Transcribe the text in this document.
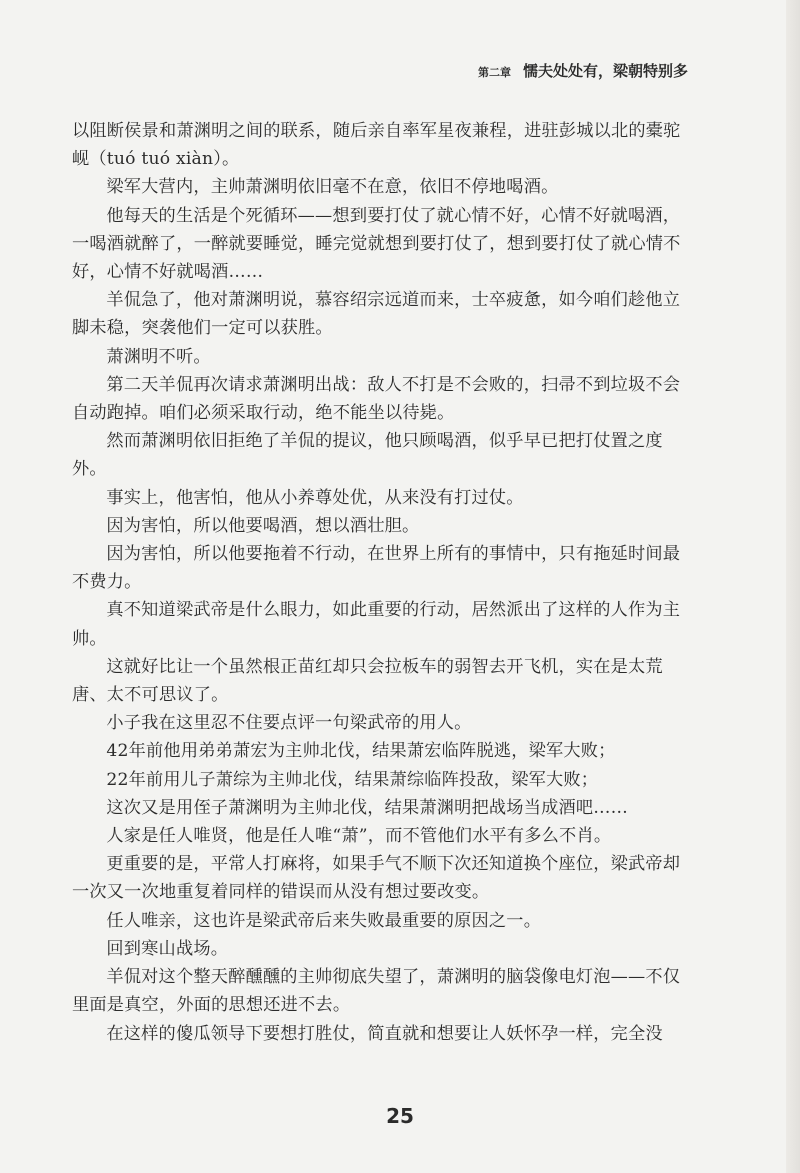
第二章 懦夫处处有，梁朝特别多

以阻断侯景和萧渊明之间的联系，随后亲自率军星夜兼程，进驻彭城以北的橐驼岘（tuó tuó xiàn）。

梁军大营内，主帅萧渊明依旧毫不在意，依旧不停地喝酒。

他每天的生活是个死循环——想到要打仗了就心情不好，心情不好就喝酒，一喝酒就醉了，一醉就要睡觉，睡完觉就想到要打仗了，想到要打仗了就心情不好，心情不好就喝酒……

羊侃急了，他对萧渊明说，慕容绍宗远道而来，士卒疲惫，如今咱们趁他立脚未稳，突袭他们一定可以获胜。

萧渊明不听。

第二天羊侃再次请求萧渊明出战：敌人不打是不会败的，扫帚不到垃圾不会自动跑掉。咱们必须采取行动，绝不能坐以待毙。

然而萧渊明依旧拒绝了羊侃的提议，他只顾喝酒，似乎早已把打仗置之度外。

事实上，他害怕，他从小养尊处优，从来没有打过仗。

因为害怕，所以他要喝酒，想以酒壮胆。

因为害怕，所以他要拖着不行动，在世界上所有的事情中，只有拖延时间最不费力。

真不知道梁武帝是什么眼力，如此重要的行动，居然派出了这样的人作为主帅。

这就好比让一个虽然根正苗红却只会拉板车的弱智去开飞机，实在是太荒唐、太不可思议了。

小子我在这里忍不住要点评一句梁武帝的用人。

42年前他用弟弟萧宏为主帅北伐，结果萧宏临阵脱逃，梁军大败；

22年前用儿子萧综为主帅北伐，结果萧综临阵投敌，梁军大败；

这次又是用侄子萧渊明为主帅北伐，结果萧渊明把战场当成酒吧……

人家是任人唯贤，他是任人唯“萧”，而不管他们水平有多么不肖。

更重要的是，平常人打麻将，如果手气不顺下次还知道换个座位，梁武帝却一次又一次地重复着同样的错误而从没有想过要改变。

任人唯亲，这也许是梁武帝后来失败最重要的原因之一。

回到寒山战场。

羊侃对这个整天醉醺醺的主帅彻底失望了，萧渊明的脑袋像电灯泡——不仅里面是真空，外面的思想还进不去。

在这样的傻瓜领导下要想打胜仗，简直就和想要让人妖怀孕一样，完全没

25
